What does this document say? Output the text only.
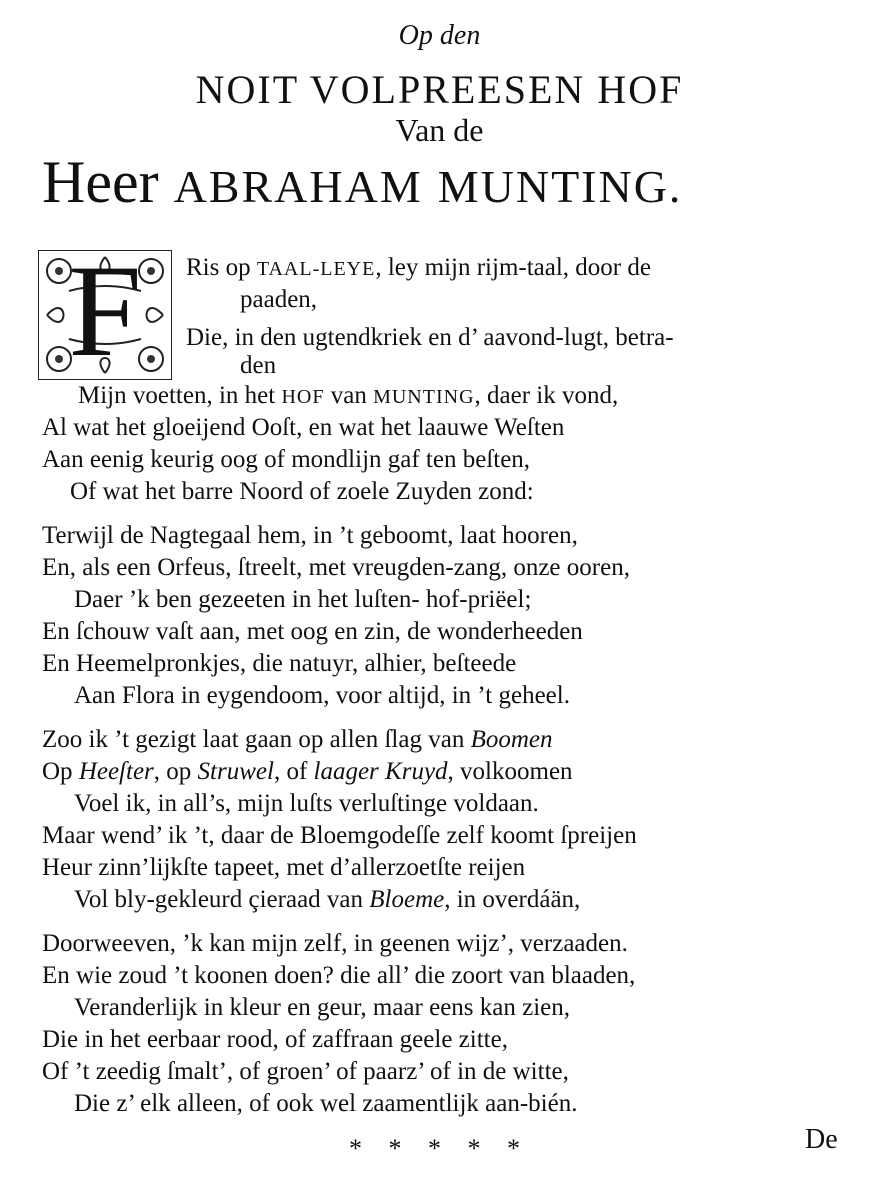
Op den
NOIT VOLPREESEN HOF
Van de
Heer ABRAHAM MUNTING.
F	Ris op TAAL-LEYE, ley mijn rijm-taal, door de
paaden,
Die, in den ugtendkriek en d’ aavond-lugt, betra-
den
Mijn voetten, in het HOF van MUNTING, daer ik vond,
Al wat het gloeijend Ooſt, en wat het laauwe Weſten
Aan eenig keurig oog of mondlijn gaf ten beſten,
Of wat het barre Noord of zoele Zuyden zond:
Terwijl de Nagtegaal hem, in ’t geboomt, laat hooren,
En, als een Orfeus, ſtreelt, met vreugden-zang, onze ooren,
Daer ’k ben gezeeten in het luſten- hof-priëel;
En ſchouw vaſt aan, met oog en zin, de wonderheeden
En Heemelpronkjes, die natuyr, alhier, beſteede
Aan Flora in eygendoom, voor altijd, in ’t geheel.
Zoo ik ’t gezigt laat gaan op allen ſlag van Boomen
Op Heeſter, op Struwel, of laager Kruyd, volkoomen
Voel ik, in all’s, mijn luſts verluſtinge voldaan.
Maar wend’ ik ’t, daar de Bloemgodeſſe zelf koomt ſpreijen
Heur zinn’lijkſte tapeet, met d’allerzoetſte reijen
Vol bly-gekleurd çieraad van Bloeme, in overdáän,
Doorweeven, ’k kan mijn zelf, in geenen wijz’, verzaaden.
En wie zoud ’t koonen doen? die all’ die zoort van blaaden,
Veranderlijk in kleur en geur, maar eens kan zien,
Die in het eerbaar rood, of zaffraan geele zitte,
Of ’t zeedig ſmalt’, of groen’ of paarz’ of in de witte,
Die z’ elk alleen, of ook wel zaamentlijk aan-bién.
* * * * *	De
